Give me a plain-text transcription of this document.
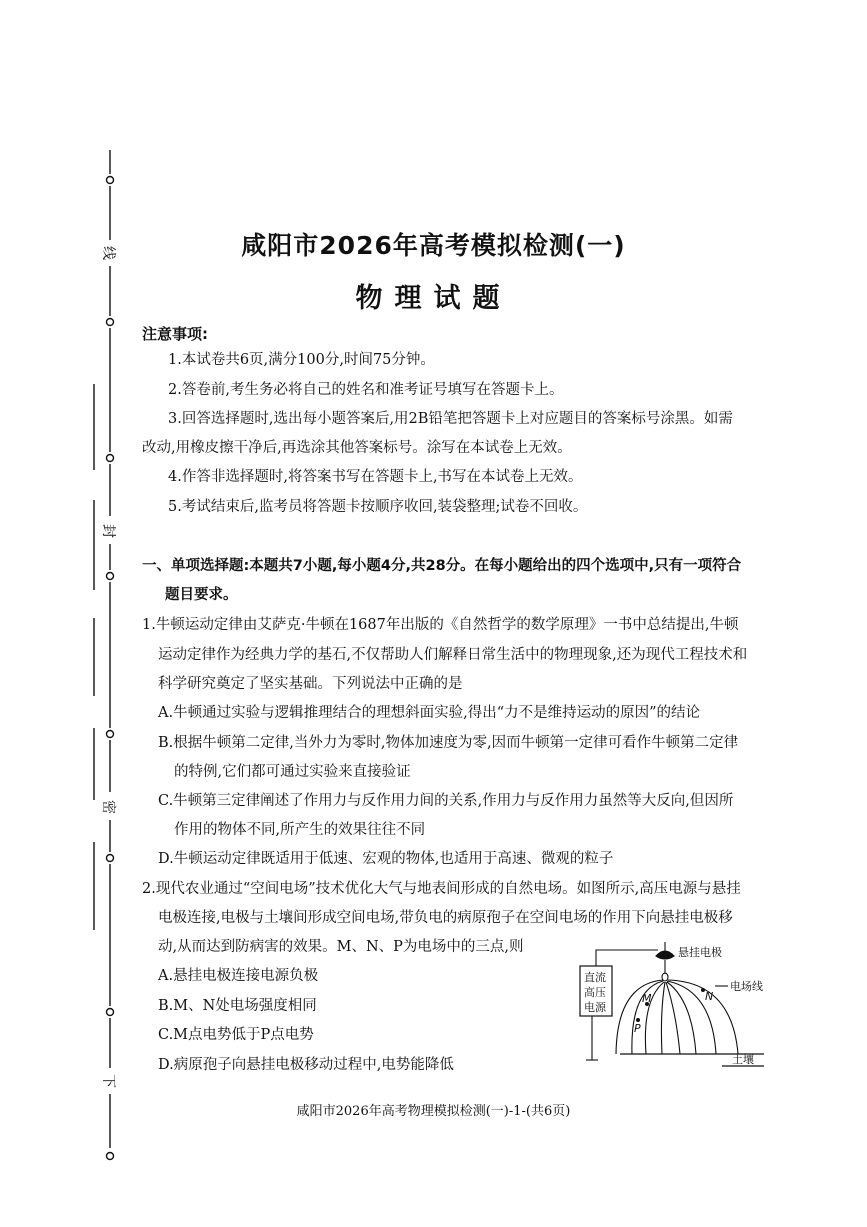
线
封
密
下
咸阳市2026年高考模拟检测(一)
物理试题
注意事项:
1.本试卷共6页,满分100分,时间75分钟。
2.答卷前,考生务必将自己的姓名和准考证号填写在答题卡上。
3.回答选择题时,选出每小题答案后,用2B铅笔把答题卡上对应题目的答案标号涂黑。如需
改动,用橡皮擦干净后,再选涂其他答案标号。涂写在本试卷上无效。
4.作答非选择题时,将答案书写在答题卡上,书写在本试卷上无效。
5.考试结束后,监考员将答题卡按顺序收回,装袋整理;试卷不回收。
一、单项选择题:本题共7小题,每小题4分,共28分。在每小题给出的四个选项中,只有一项符合
题目要求。
1.牛顿运动定律由艾萨克·牛顿在1687年出版的《自然哲学的数学原理》一书中总结提出,牛顿
运动定律作为经典力学的基石,不仅帮助人们解释日常生活中的物理现象,还为现代工程技术和
科学研究奠定了坚实基础。下列说法中正确的是
A.牛顿通过实验与逻辑推理结合的理想斜面实验,得出“力不是维持运动的原因”的结论
B.根据牛顿第二定律,当外力为零时,物体加速度为零,因而牛顿第一定律可看作牛顿第二定律
的特例,它们都可通过实验来直接验证
C.牛顿第三定律阐述了作用力与反作用力间的关系,作用力与反作用力虽然等大反向,但因所
作用的物体不同,所产生的效果往往不同
D.牛顿运动定律既适用于低速、宏观的物体,也适用于高速、微观的粒子
2.现代农业通过“空间电场”技术优化大气与地表间形成的自然电场。如图所示,高压电源与悬挂
电极连接,电极与土壤间形成空间电场,带负电的病原孢子在空间电场的作用下向悬挂电极移
动,从而达到防病害的效果。M、N、P为电场中的三点,则
A.悬挂电极连接电源负极
B.M、N处电场强度相同
C.M点电势低于P点电势
D.病原孢子向悬挂电极移动过程中,电势能降低
悬挂电极
电场线
直流
高压
电源
土壤
M
P
N
咸阳市2026年高考物理模拟检测(一)-1-(共6页)
